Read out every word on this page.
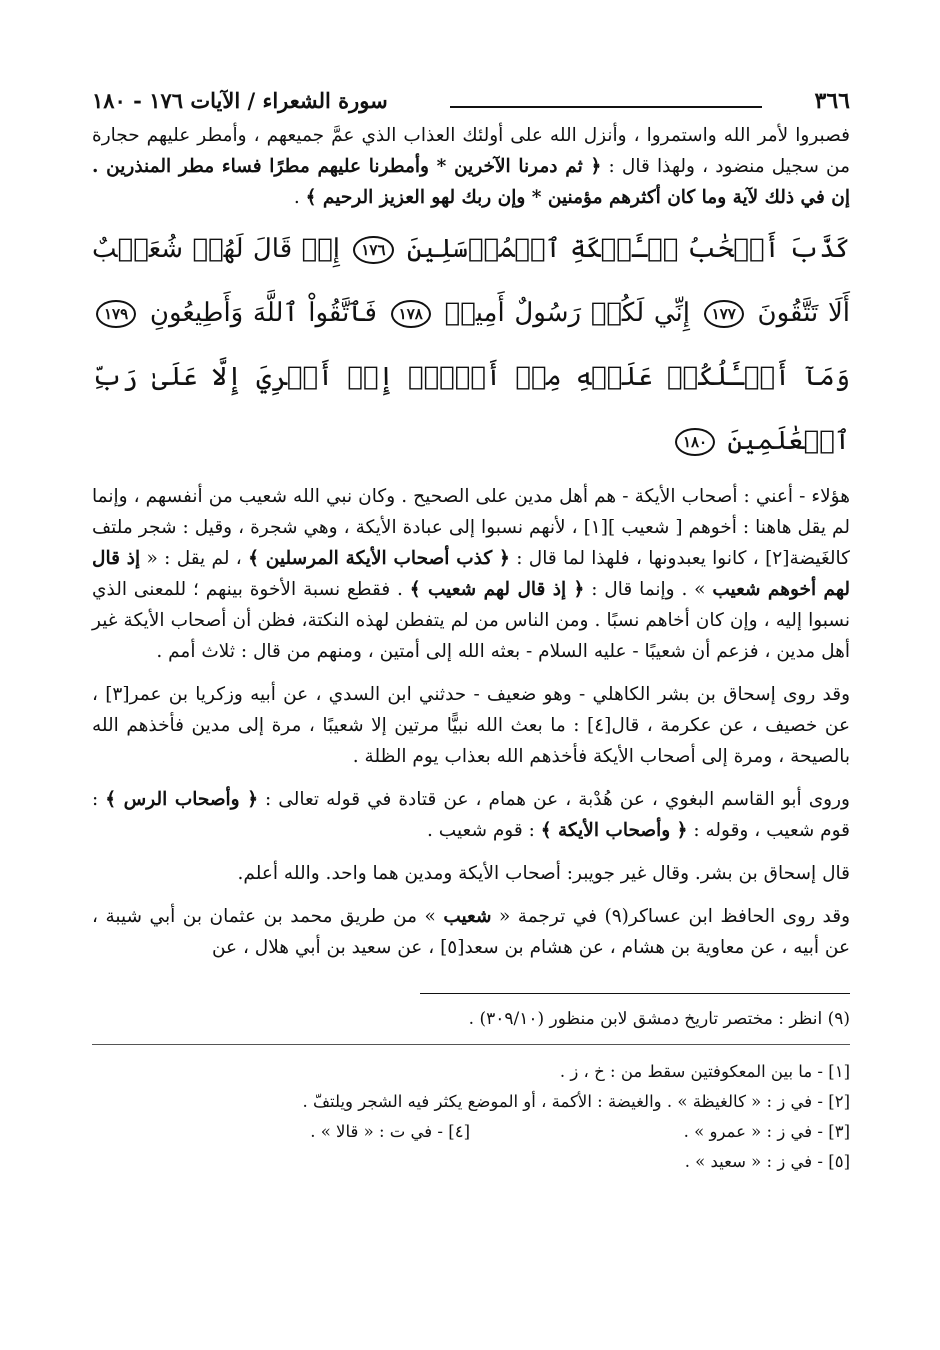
٣٦٦
سورة الشعراء / الآيات ١٧٦ - ١٨٠

فصبروا لأمر الله واستمروا ، وأنزل الله على أولئك العذاب الذي عمَّ جميعهم ، وأمطر عليهم حجارة من سجيل منضود ، ولهذا قال : ﴿ ثم دمرنا الآخرين * وأمطرنا عليهم مطرًا فساء مطر المنذرين . إن في ذلك لآية وما كان أكثرهم مؤمنين * وإن ربك لهو العزيز الرحيم ﴾ .

كَذَّبَ أَصۡحَٰبُ لۡـَٔيۡكَةِ ٱلۡمُرۡسَلِينَ ١٧٦ إِذۡ قَالَ لَهُمۡ شُعَيۡبٌ أَلَا تَتَّقُونَ ١٧٧ إِنِّي لَكُمۡ رَسُولٌ أَمِينٞ ١٧٨ فَٱتَّقُواْ ٱللَّهَ وَأَطِيعُونِ ١٧٩ وَمَآ أَسۡـَٔلُكُمۡ عَلَيۡهِ مِنۡ أَجۡرٍۖ إِنۡ أَجۡرِيَ إِلَّا عَلَىٰ رَبِّ ٱلۡعَٰلَمِينَ ١٨٠

هؤلاء - أعني : أصحاب الأيكة - هم أهل مدين على الصحيح . وكان نبي الله شعيب من أنفسهم ، وإنما لم يقل هاهنا : أخوهم [ شعيب ][١] ، لأنهم نسبوا إلى عبادة الأيكة ، وهي شجرة ، وقيل : شجر ملتف كالغَيضة[٢] ، كانوا يعبدونها ، فلهذا لما قال : ﴿ كذب أصحاب الأيكة المرسلين ﴾ ، لم يقل : « إذ قال لهم أخوهم شعيب » . وإنما قال : ﴿ إذ قال لهم شعيب ﴾ . فقطع نسبة الأخوة بينهم ؛ للمعنى الذي نسبوا إليه ، وإن كان أخاهم نسبًا . ومن الناس من لم يتفطن لهذه النكتة، فظن أن أصحاب الأيكة غير أهل مدين ، فزعم أن شعيبًا - عليه السلام - بعثه الله إلى أمتين ، ومنهم من قال : ثلاث أمم .

وقد روى إسحاق بن بشر الكاهلي - وهو ضعيف - حدثني ابن السدي ، عن أبيه وزكريا بن عمر[٣] ، عن خصيف ، عن عكرمة ، قال[٤] : ما بعث الله نبيًّا مرتين إلا شعيبًا ، مرة إلى مدين فأخذهم الله بالصيحة ، ومرة إلى أصحاب الأيكة فأخذهم الله بعذاب يوم الظلة .

وروى أبو القاسم البغوي ، عن هُدْبة ، عن همام ، عن قتادة في قوله تعالى : ﴿ وأصحاب الرس ﴾ : قوم شعيب ، وقوله : ﴿ وأصحاب الأيكة ﴾ : قوم شعيب .

قال إسحاق بن بشر. وقال غير جويبر: أصحاب الأيكة ومدين هما واحد. والله أعلم.

وقد روى الحافظ ابن عساكر(٩) في ترجمة « شعيب » من طريق محمد بن عثمان بن أبي شيبة ، عن أبيه ، عن معاوية بن هشام ، عن هشام بن سعد[٥] ، عن سعيد بن أبي هلال ، عن

(٩) انظر : مختصر تاريخ دمشق لابن منظور (٣٠٩/١٠) .

[١] - ما بين المعكوفتين سقط من : خ ، ز .

[٢] - في ز : « كالغيظة » . والغيضة : الأكمة ، أو الموضع يكثر فيه الشجر ويلتفّ .

[٣] - في ز : « عمرو » .

[٤] - في ت : « قالا » .

[٥] - في ز : « سعيد » .
